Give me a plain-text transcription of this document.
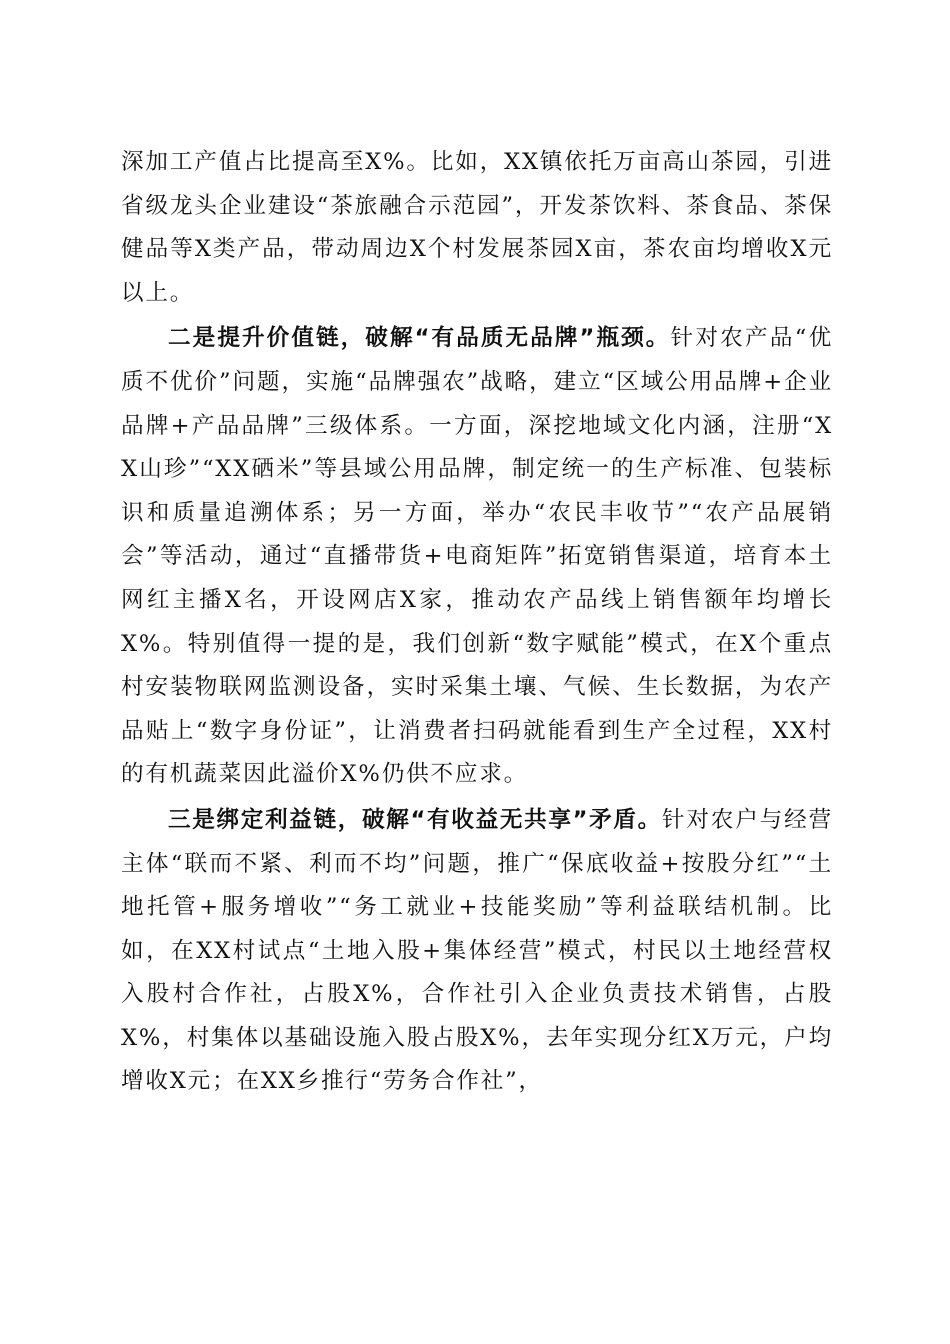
深加工产值占比提高至X%。比如，XX镇依托万亩高山茶园，引进省级龙头企业建设“茶旅融合示范园”，开发茶饮料、茶食品、茶保健品等X类产品，带动周边X个村发展茶园X亩，茶农亩均增收X元以上。

二是提升价值链，破解“有品质无品牌”瓶颈。针对农产品“优质不优价”问题，实施“品牌强农”战略，建立“区域公用品牌+企业品牌+产品品牌”三级体系。一方面，深挖地域文化内涵，注册“XX山珍”“XX硒米”等县域公用品牌，制定统一的生产标准、包装标识和质量追溯体系；另一方面，举办“农民丰收节”“农产品展销会”等活动，通过“直播带货+电商矩阵”拓宽销售渠道，培育本土网红主播X名，开设网店X家，推动农产品线上销售额年均增长X%。特别值得一提的是，我们创新“数字赋能”模式，在X个重点村安装物联网监测设备，实时采集土壤、气候、生长数据，为农产品贴上“数字身份证”，让消费者扫码就能看到生产全过程，XX村的有机蔬菜因此溢价X%仍供不应求。

三是绑定利益链，破解“有收益无共享”矛盾。针对农户与经营主体“联而不紧、利而不均”问题，推广“保底收益+按股分红”“土地托管+服务增收”“务工就业+技能奖励”等利益联结机制。比如，在XX村试点“土地入股+集体经营”模式，村民以土地经营权入股村合作社，占股X%，合作社引入企业负责技术销售，占股X%，村集体以基础设施入股占股X%，去年实现分红X万元，户均增收X元；在XX乡推行“劳务合作社”，
